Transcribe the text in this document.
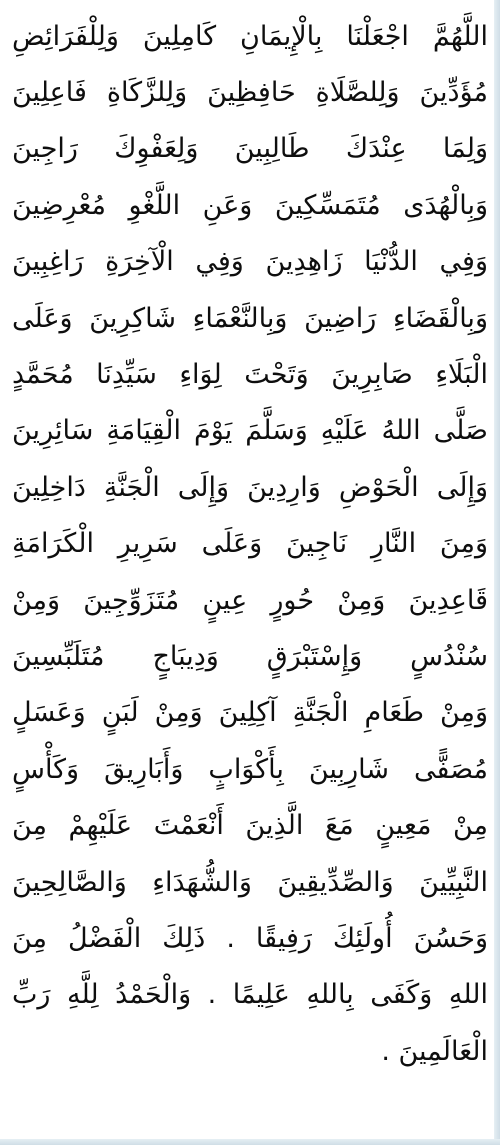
اللَّهُمَّ اجْعَلْنَا بِالْإِيمَانِ كَامِلِينَ وَلِلْفَرَائِضِ
مُؤَدِّينَ وَلِلصَّلَاةِ حَافِظِينَ وَلِلزَّكَاةِ فَاعِلِينَ
وَلِمَا عِنْدَكَ طَالِبِينَ وَلِعَفْوِكَ رَاجِينَ
وَبِالْهُدَى مُتَمَسِّكِينَ وَعَنِ اللَّغْوِ مُعْرِضِينَ
وَفِي الدُّنْيَا زَاهِدِينَ وَفِي الْآخِرَةِ رَاغِبِينَ
وَبِالْقَضَاءِ رَاضِينَ وَبِالنَّعْمَاءِ شَاكِرِينَ وَعَلَى
الْبَلَاءِ صَابِرِينَ وَتَحْتَ لِوَاءِ سَيِّدِنَا مُحَمَّدٍ
صَلَّى اللهُ عَلَيْهِ وَسَلَّمَ يَوْمَ الْقِيَامَةِ سَائِرِينَ
وَإِلَى الْحَوْضِ وَارِدِينَ وَإِلَى الْجَنَّةِ دَاخِلِينَ
وَمِنَ النَّارِ نَاجِينَ وَعَلَى سَرِيرِ الْكَرَامَةِ
قَاعِدِينَ وَمِنْ حُورٍ عِينٍ مُتَزَوِّجِينَ وَمِنْ
سُنْدُسٍ وَإِسْتَبْرَقٍ وَدِيبَاجٍ مُتَلَبِّسِينَ
وَمِنْ طَعَامِ الْجَنَّةِ آكِلِينَ وَمِنْ لَبَنٍ وَعَسَلٍ
مُصَفًّى شَارِبِينَ بِأَكْوَابٍ وَأَبَارِيقَ وَكَأْسٍ
مِنْ مَعِينٍ مَعَ الَّذِينَ أَنْعَمْتَ عَلَيْهِمْ مِنَ
النَّبِيِّينَ وَالصِّدِّيقِينَ وَالشُّهَدَاءِ وَالصَّالِحِينَ
وَحَسُنَ أُولَئِكَ رَفِيقًا . ذَلِكَ الْفَضْلُ مِنَ
اللهِ وَكَفَى بِاللهِ عَلِيمًا . وَالْحَمْدُ لِلَّهِ رَبِّ
الْعَالَمِينَ .
